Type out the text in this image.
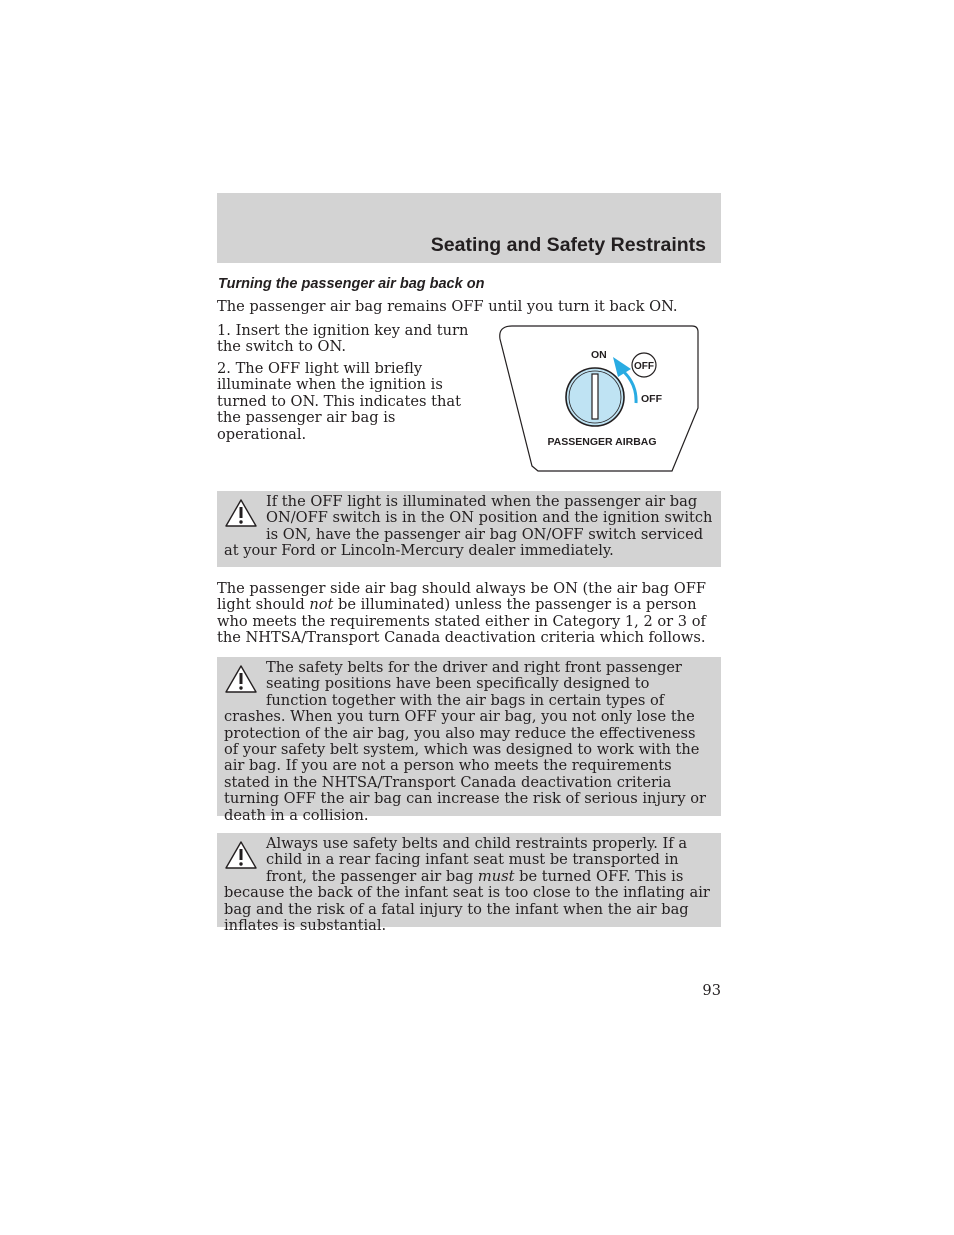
Seating and Safety Restraints
Turning the passenger air bag back on

The passenger air bag remains OFF until you turn it back ON.

1. Insert the ignition key and turn the switch to ON.

2. The OFF light will briefly illuminate when the ignition is turned to ON. This indicates that the passenger air bag is operational.

ON
OFF
OFF
PASSENGER AIRBAG

If the OFF light is illuminated when the passenger air bag ON/OFF switch is in the ON position and the ignition switch is ON, have the passenger air bag ON/OFF switch serviced at your Ford or Lincoln-Mercury dealer immediately.

The passenger side air bag should always be ON (the air bag OFF light should not be illuminated) unless the passenger is a person who meets the requirements stated either in Category 1, 2 or 3 of the NHTSA/Transport Canada deactivation criteria which follows.

The safety belts for the driver and right front passenger seating positions have been specifically designed to function together with the air bags in certain types of crashes. When you turn OFF your air bag, you not only lose the protection of the air bag, you also may reduce the effectiveness of your safety belt system, which was designed to work with the air bag. If you are not a person who meets the requirements stated in the NHTSA/Transport Canada deactivation criteria turning OFF the air bag can increase the risk of serious injury or death in a collision.

Always use safety belts and child restraints properly. If a child in a rear facing infant seat must be transported in front, the passenger air bag must be turned OFF. This is because the back of the infant seat is too close to the inflating air bag and the risk of a fatal injury to the infant when the air bag inflates is substantial.

93
